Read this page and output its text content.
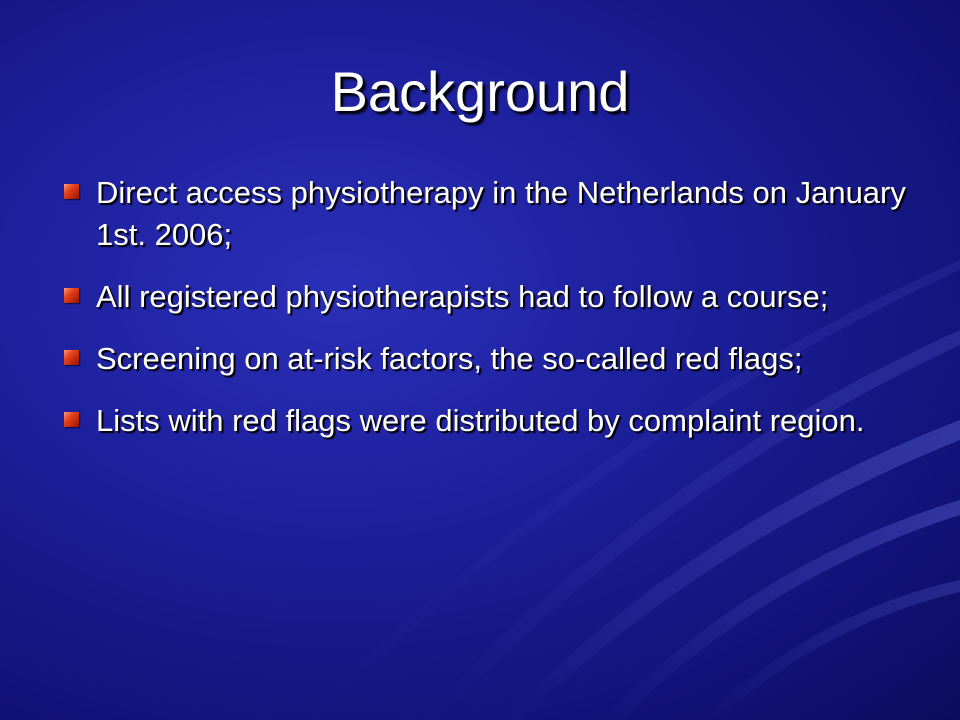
Background
Direct access physiotherapy in the Netherlands on January 1st. 2006;
All registered physiotherapists had to follow a course;
Screening on at-risk factors, the so-called red flags;
Lists with red flags were distributed by complaint region.
